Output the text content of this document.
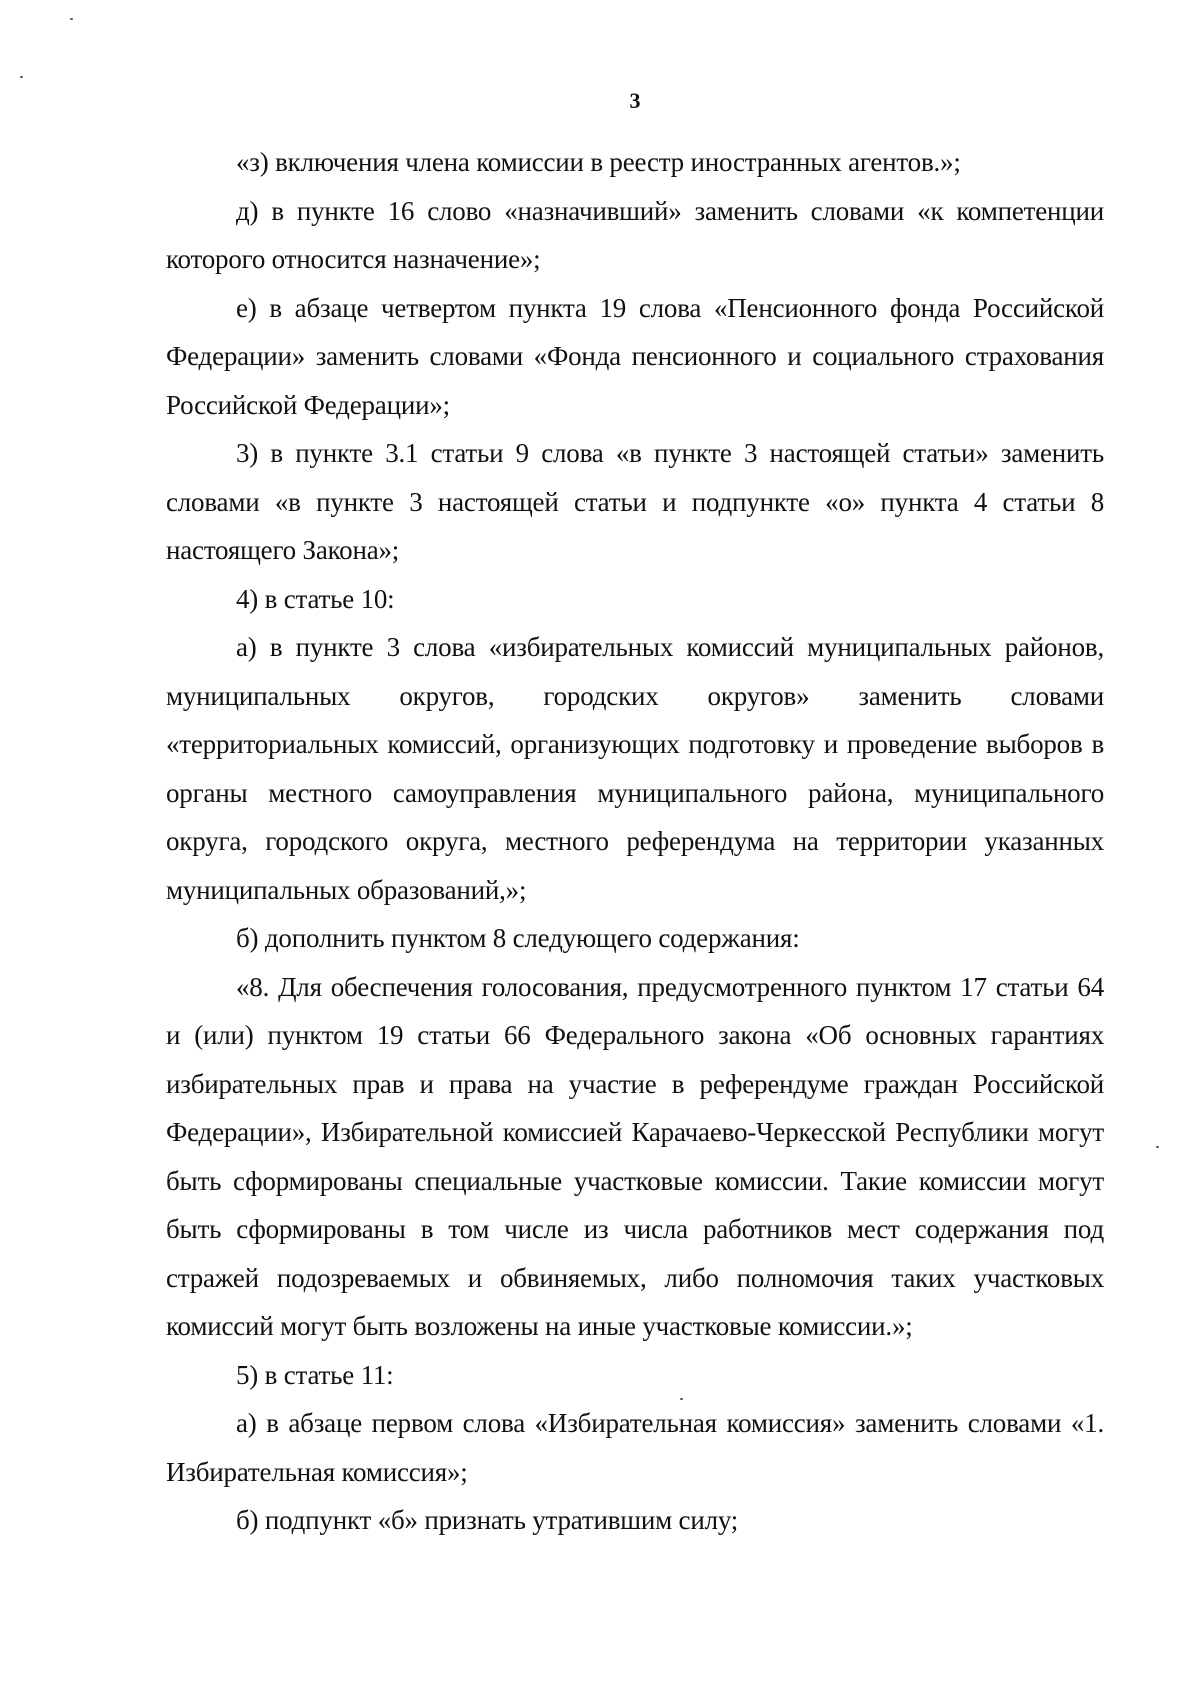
3

«з) включения члена комиссии в реестр иностранных агентов.»;

д) в пункте 16 слово «назначивший» заменить словами «к компетенции которого относится назначение»;

е) в абзаце четвертом пункта 19 слова «Пенсионного фонда Российской Федерации» заменить словами «Фонда пенсионного и социального страхования Российской Федерации»;

3) в пункте 3.1 статьи 9 слова «в пункте 3 настоящей статьи» заменить словами «в пункте 3 настоящей статьи и подпункте «о» пункта 4 статьи 8 настоящего Закона»;

4) в статье 10:

а) в пункте 3 слова «избирательных комиссий муниципальных районов, муниципальных округов, городских округов» заменить словами «территориальных комиссий, организующих подготовку и проведение выборов в органы местного самоуправления муниципального района, муниципального округа, городского округа, местного референдума на территории указанных муниципальных образований,»;

б) дополнить пунктом 8 следующего содержания:

«8. Для обеспечения голосования, предусмотренного пунктом 17 статьи 64 и (или) пунктом 19 статьи 66 Федерального закона «Об основных гарантиях избирательных прав и права на участие в референдуме граждан Российской Федерации», Избирательной комиссией Карачаево-Черкесской Республики могут быть сформированы специальные участковые комиссии. Такие комиссии могут быть сформированы в том числе из числа работников мест содержания под стражей подозреваемых и обвиняемых, либо полномочия таких участковых комиссий могут быть возложены на иные участковые комиссии.»;

5) в статье 11:

а) в абзаце первом слова «Избирательная комиссия» заменить словами «1. Избирательная комиссия»;

б) подпункт «б» признать утратившим силу;
